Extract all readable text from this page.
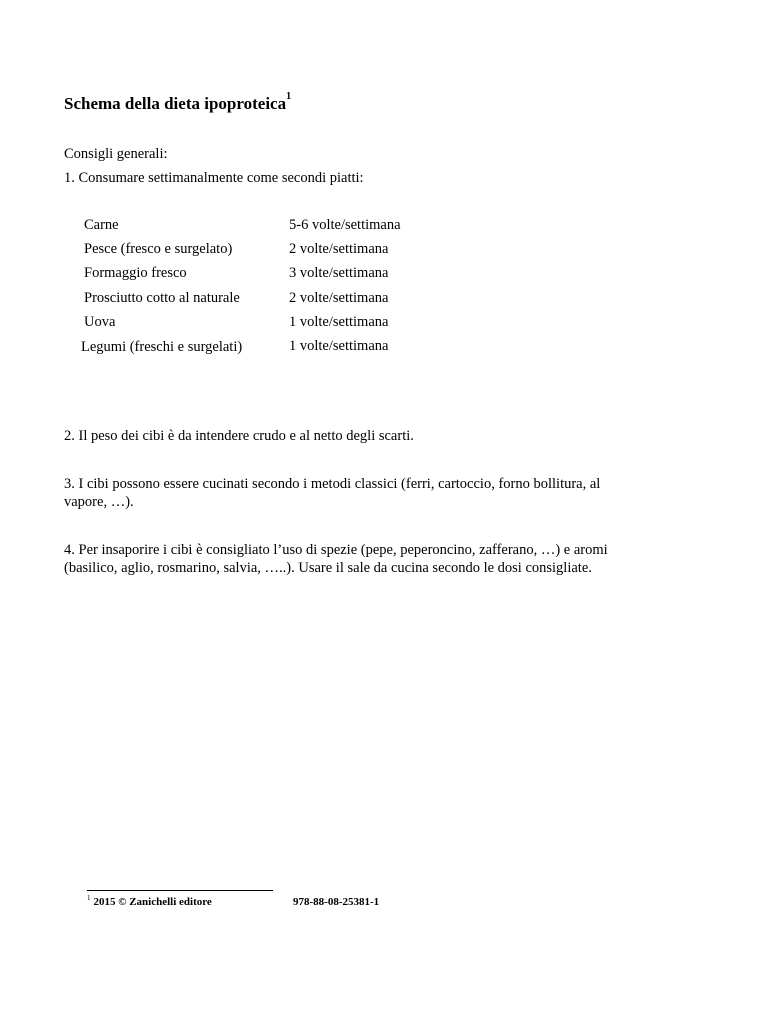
Schema della dieta ipoproteica$^1$
Consigli generali:
1. Consumare settimanalmente come secondi piatti:
Carne	5-6 volte/settimana
Pesce (fresco e surgelato)	2 volte/settimana
Formaggio fresco	3 volte/settimana
Prosciutto cotto al naturale	2 volte/settimana
Uova	1 volte/settimana
Legumi (freschi e surgelati)	1 volte/settimana
2. Il peso dei cibi è da intendere crudo e al netto degli scarti.
3. I cibi possono essere cucinati secondo i metodi classici (ferri, cartoccio, forno bollitura, al vapore, …).
4. Per insaporire i cibi è consigliato l’uso di spezie (pepe, peperoncino, zafferano, …) e aromi (basilico, aglio, rosmarino, salvia, …..). Usare il sale da cucina secondo le dosi consigliate.
$^1$ 2015 © Zanichelli editore	978-88-08-25381-1
